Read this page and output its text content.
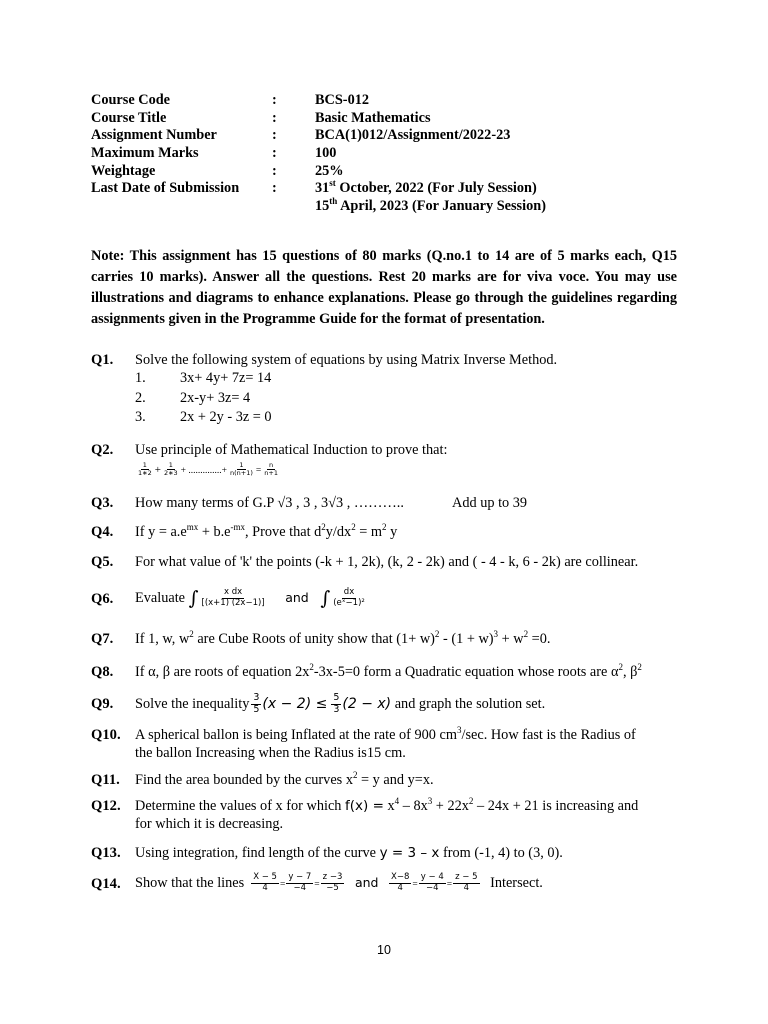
Course Code	:	BCS-012
Course Title	:	Basic Mathematics
Assignment Number	:	BCA(1)012/Assignment/2022-23
Maximum Marks	:	100
Weightage	:	25%
Last Date of Submission	:	31st October, 2022 (For July Session)
15th April, 2023 (For January Session)
Note: This assignment has 15 questions of 80 marks (Q.no.1 to 14 are of 5 marks each, Q15 carries 10 marks). Answer all the questions. Rest 20 marks are for viva voce. You may use illustrations and diagrams to enhance explanations. Please go through the guidelines regarding assignments given in the Programme Guide for the format of presentation.
Q1. Solve the following system of equations by using Matrix Inverse Method.
1.	3x+ 4y+ 7z= 14
2.	2x-y+ 3z= 4
3.	2x + 2y - 3z = 0
Q2. Use principle of Mathematical Induction to prove that:
$\frac{1}{1∗2} + \frac{1}{2∗3}$ + ..............+ $\frac{1}{n(n+1)} = \frac{n}{n+1}$
Q3. How many terms of G.P √3 , 3 , 3√3 , ………..	Add up to 39
Q4. If $y = a.e^{mx} + b.e^{-mx}$, Prove that $d^2y/dx^2 = m^2$ y
Q5. For what value of 'k' the points (-k + 1, 2k), (k, 2 - 2k) and ( - 4 - k, 6 - 2k) are collinear.
Q6. Evaluate ∫ $\frac{\text{x dx}}{[(x+1) (2x-1)]}$ and ∫ $\frac{dx}{\text{(eˣ−1)²}}$
Q7. If 1, w, $w^2$ are Cube Roots of unity show that $(1+ w)^2 - (1 + w)^3 + w^2 =0$.
Q8. If α, β are roots of equation $2x^2-3x-5=0$ form a Quadratic equation whose roots are $\alpha^2$, $\beta^2$
Q9. Solve the inequality $\frac{3}{5} (x - 2) \le \frac{5}{3} (2 - x)$ and graph the solution set.
Q10. A spherical ballon is being Inflated at the rate of 900 $cm^3/\sec$. How fast is the Radius of
the ballon Increasing when the Radius is15 cm.
Q11. Find the area bounded by the curves $x^2 = y$ and y=x.
Q12. Determine the values of x for which $f(x) = x^4 - 8x^3 + 22x^2 - 24x + 21$ is increasing and
for which it is decreasing.
Q13. Using integration, find length of the curve y = 3 – x from (-1, 4) to (3, 0).
Q14. Show that the lines $\frac{X - 5}{4} = \frac{y - 7}{-4} = \frac{z -3}{-5}$ and $\frac{X-8}{4} = \frac{y - 4}{-4} = \frac{z - 5}{4}$ Intersect.
10
